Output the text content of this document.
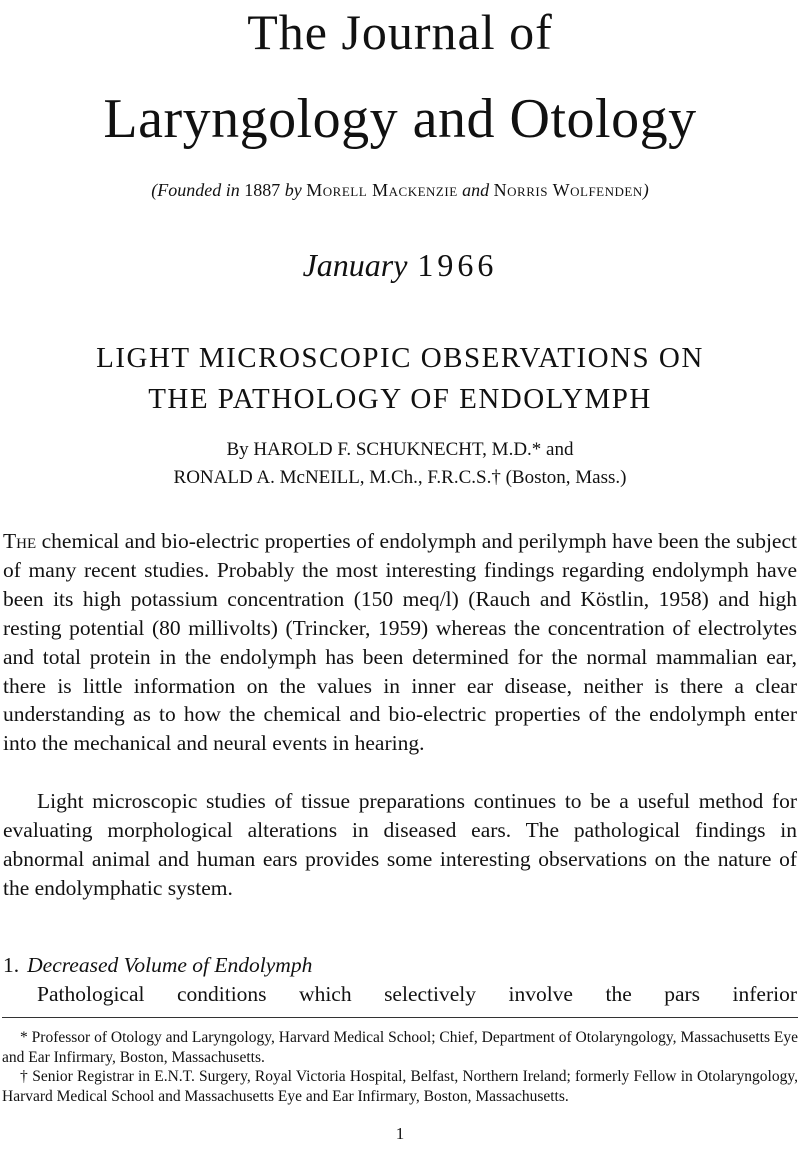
The Journal of
Laryngology and Otology
(Founded in 1887 by Morell Mackenzie and Norris Wolfenden)
January 1966
LIGHT MICROSCOPIC OBSERVATIONS ON
THE PATHOLOGY OF ENDOLYMPH
By HAROLD F. SCHUKNECHT, M.D.* and
RONALD A. McNEILL, M.Ch., F.R.C.S.† (Boston, Mass.)

The chemical and bio-electric properties of endolymph and perilymph have been the subject of many recent studies. Probably the most interesting findings regarding endolymph have been its high potassium concentration (150 meq/l) (Rauch and Köstlin, 1958) and high resting potential (80 millivolts) (Trincker, 1959) whereas the concentration of electrolytes and total protein in the endolymph has been determined for the normal mammalian ear, there is little information on the values in inner ear disease, neither is there a clear understanding as to how the chemical and bio-electric properties of the endolymph enter into the mechanical and neural events in hearing.

Light microscopic studies of tissue preparations continues to be a useful method for evaluating morphological alterations in diseased ears. The pathological findings in abnormal animal and human ears provides some interesting observations on the nature of the endolymphatic system.

1. Decreased Volume of Endolymph
Pathological conditions which selectively involve the pars inferior

* Professor of Otology and Laryngology, Harvard Medical School; Chief, Department of Otolaryngology, Massachusetts Eye and Ear Infirmary, Boston, Massachusetts.

† Senior Registrar in E.N.T. Surgery, Royal Victoria Hospital, Belfast, Northern Ireland; formerly Fellow in Otolaryngology, Harvard Medical School and Massachusetts Eye and Ear Infirmary, Boston, Massachusetts.

1
